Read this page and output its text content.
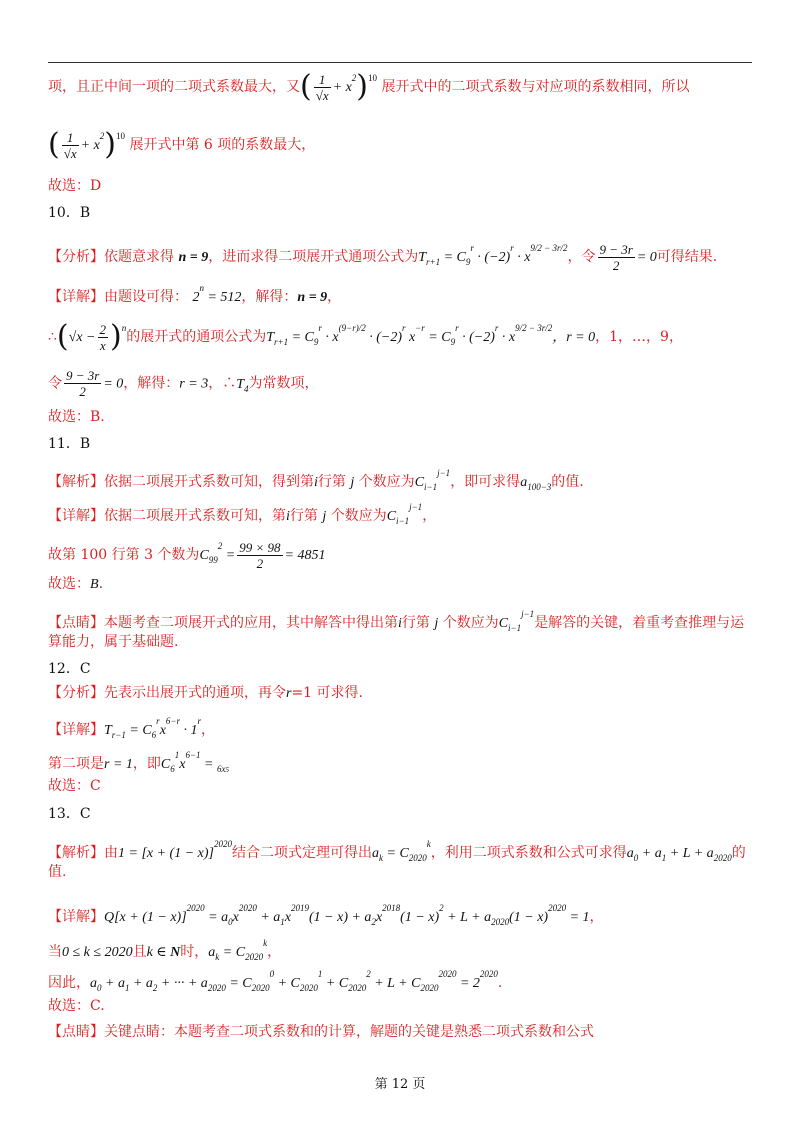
项，且正中间一项的二项式系数最大，又( $\frac{1}{√x} + x^2)^{10}$ 展开式中的二项式系数与对应项的系数相同，所以
( $\frac{1}{√x} + x^2)^{10}$ 展开式中第 6 项的系数最大，
故选：D
10．B
【分析】依题意求得 n = 9，进而求得二项展开式通项公式为$T_{r+1} = C_9^r \cdot (-2)^r \cdot x^{9/2 - 3r/2}$，令 $\frac{9 - 3r}{2} = 0$可得结果.
【详解】由题设可得： $2^n = 512$，解得：n = 9，
∴(√x − $\frac{2}{x} )^n$的展开式的通项公式为$T_{r+1} = C_9^r \cdot x^{(9-r)/2} \cdot (-2)^r$ $x^{-r} = C_9^r \cdot (-2)^r \cdot x^{9/2 - 3r/2}$，r = 0，1，…，9，
令 $\frac{9 - 3r}{2} = 0$，解得：r = 3，$\therefore T_4$为常数项，
故选：B.
11．B
【解析】依据二项展开式系数可知，得到第i行第 j 个数应为$C_{i-1}^{j-1}$，即可求得$a_{100-3}$的值.
【详解】依据二项展开式系数可知，第i行第 j 个数应为$C_{i-1}^{j-1}$，
故第 100 行第 3 个数为$C_{99}^2 = \frac{99 \times 98}{2} = 4851$
故选：B.
【点睛】本题考查二项展开式的应用，其中解答中得出第i行第 j 个数应为$C_{i-1}^{j-1}$是解答的关键，着重考查推理与运
算能力，属于基础题.
12．C
【分析】先表示出展开式的通项，再令r=1 可求得.
【详解】$T_{r-1} = C_6^rx^{6-r} \cdot 1^r$，
第二项是r = 1，即$C_6^1x^{6-1} = _{6x5}$
故选：C
13．C
【解析】由$1 = [x + (1 - x)]^{2020}$结合二项式定理可得出$a_k = C_{2020}^k$，利用二项式系数和公式可求得$a_0 + a_1 + L + a_{2020}$的
值.
【详解】$Q[x + (1 - x)]^{2020} = a_0x^{2020} + a_1x^{2019}(1 - x) + a_2x^{2018}(1 - x)^2 + L + a_{2020}(1 - x)^{2020} = 1$，
当0 ≤ k ≤ 2020且k ∈ N时，$a_k = C_{2020}^k$，
因此，$a_0 + a_1 + a_2$ + ··· + $a_{2020} = C_{2020}^0 + C_{2020}^1 + C_{2020}^2 + L + C_{2020}^{2020} = 2^{2020}$.
故选：C.
【点睛】关键点睛：本题考查二项式系数和的计算，解题的关键是熟悉二项式系数和公式
第 12 页
